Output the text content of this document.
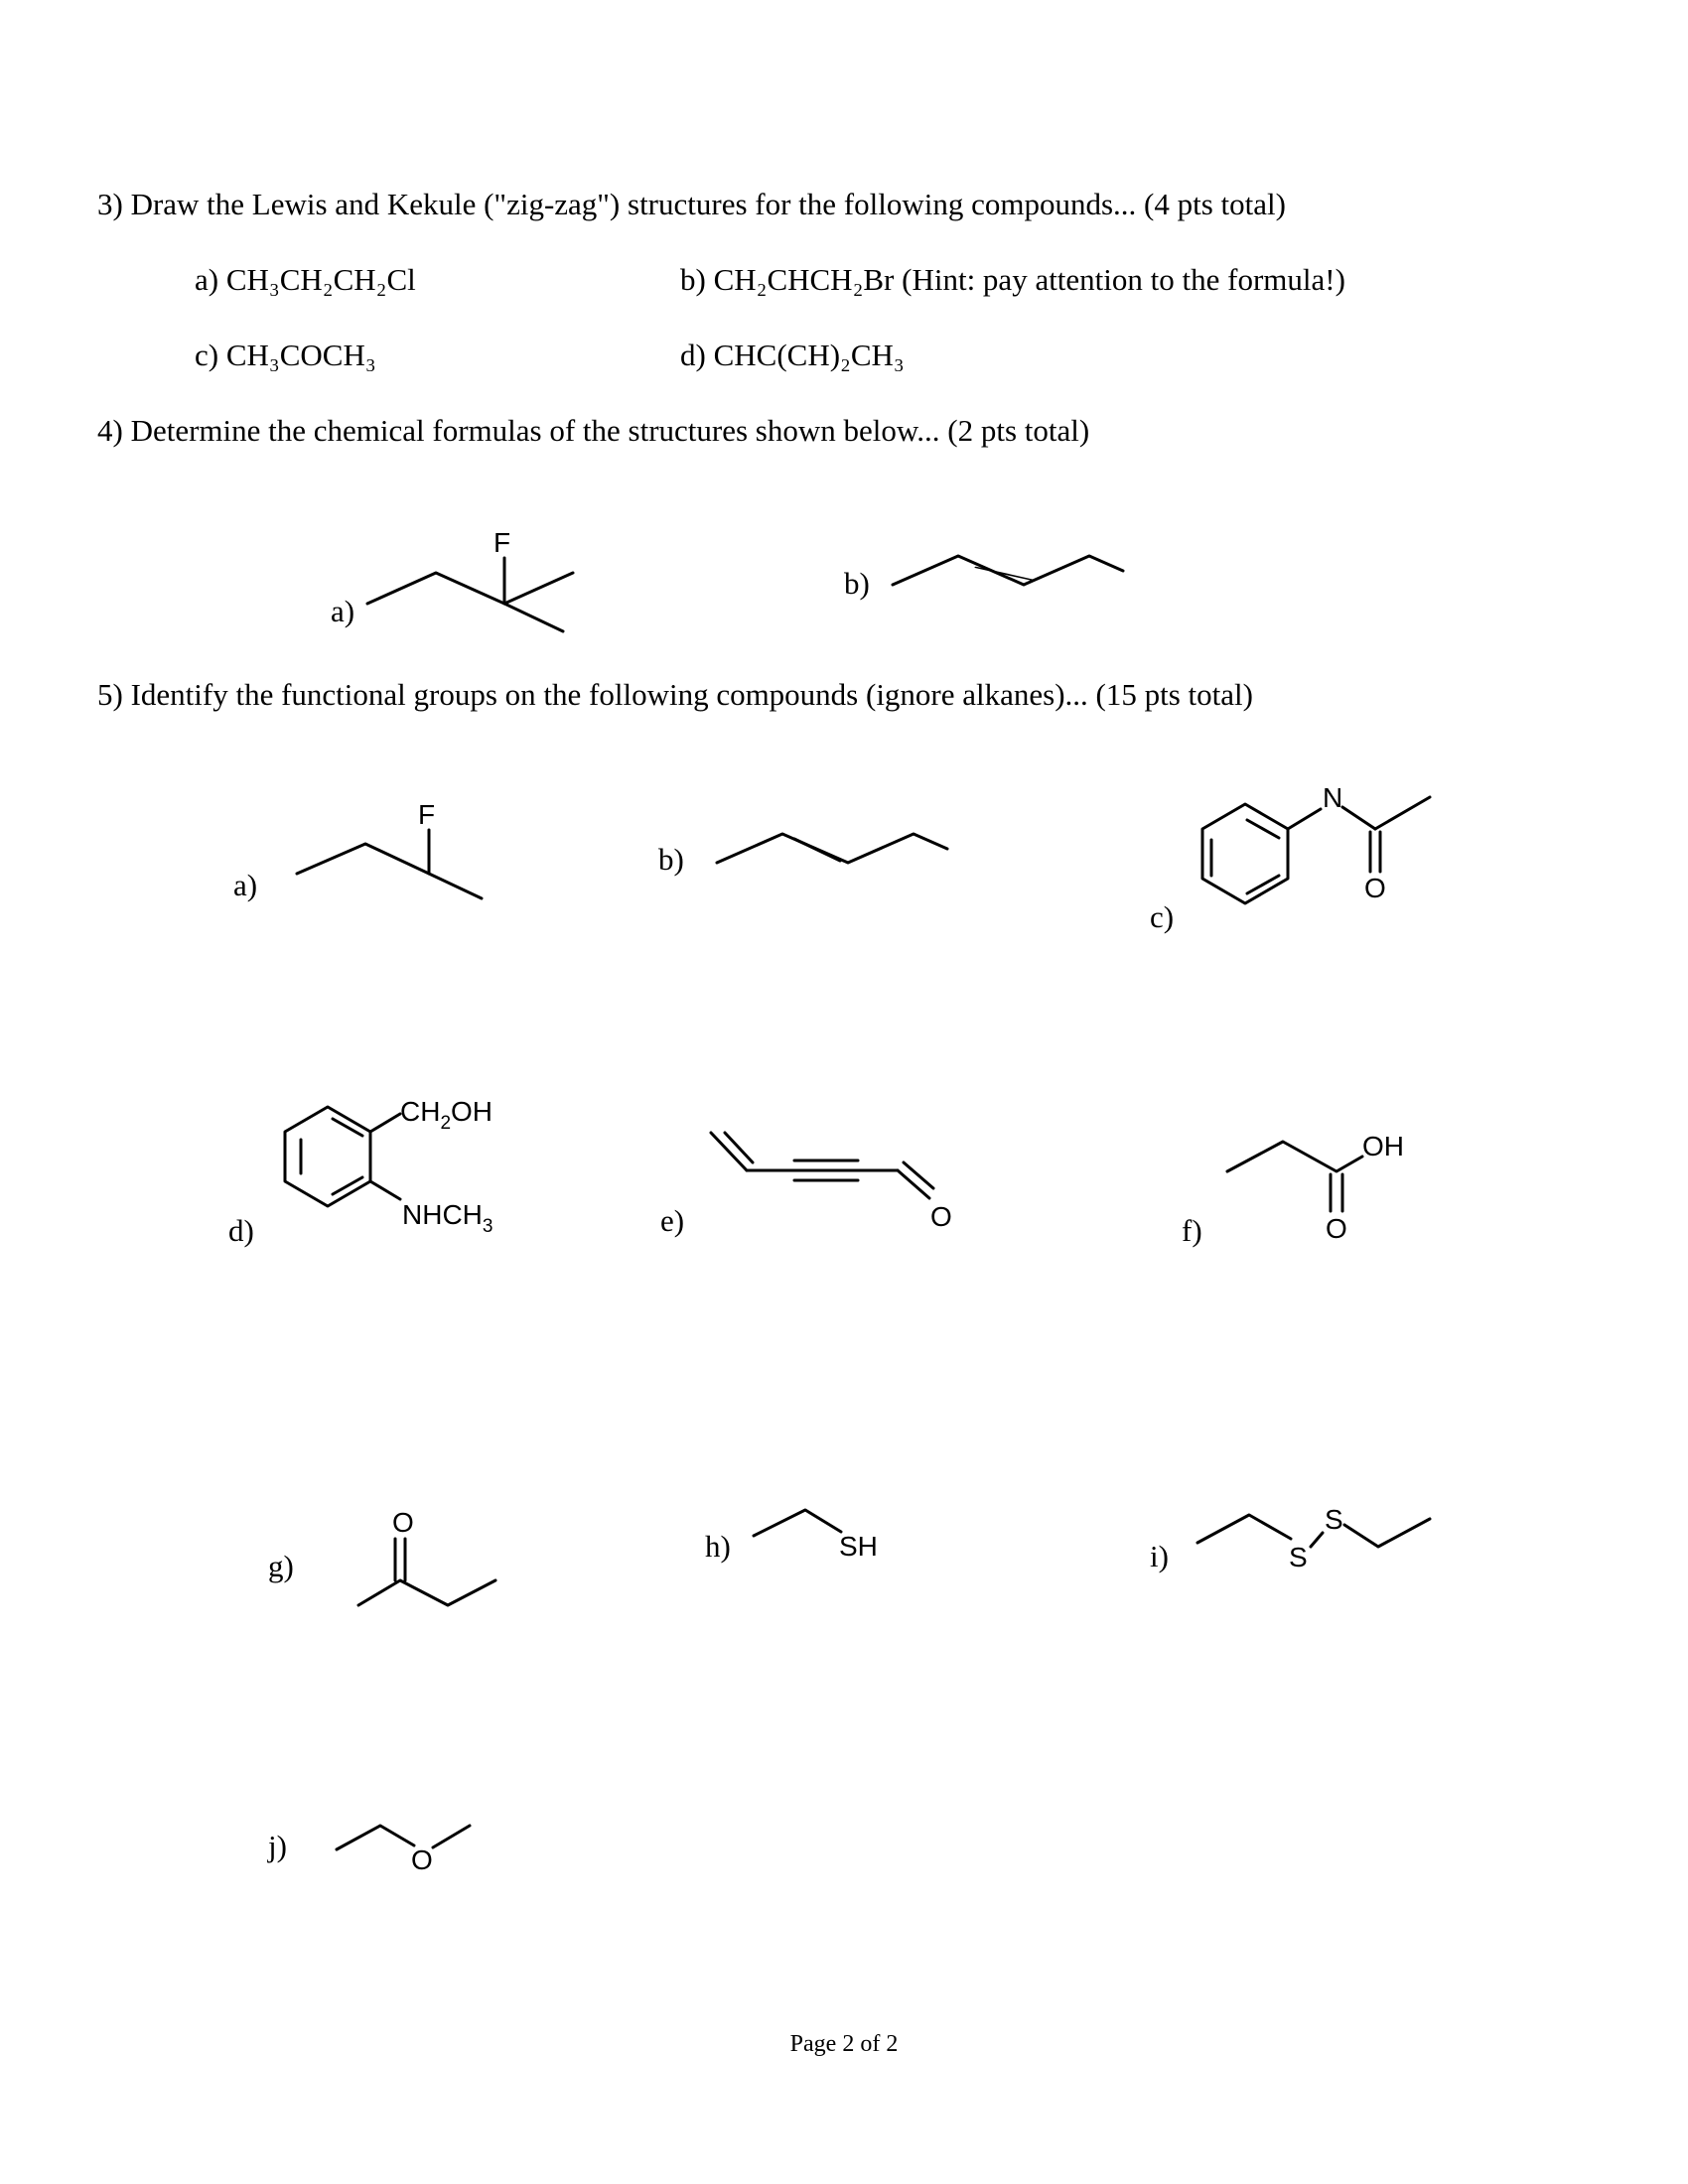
3) Draw the Lewis and Kekule ("zig-zag") structures for the following compounds... (4 pts total)
a) CH₃CH₂CH₂Cl	b) CH₂CHCH₂Br (Hint: pay attention to the formula!)
c) CH₃COCH₃	d) CHC(CH)₂CH₃
4) Determine the chemical formulas of the structures shown below... (2 pts total)
a)
F
b)
5) Identify the functional groups on the following compounds (ignore alkanes)... (15 pts total)
a)
F
b)
c)
N
O
d)
$CH_2OH$
$NHCH_3$	e)	O	f)
OH
O
g)
O
h)	SH	i)	S
S
j)	O
Page 2 of 2
